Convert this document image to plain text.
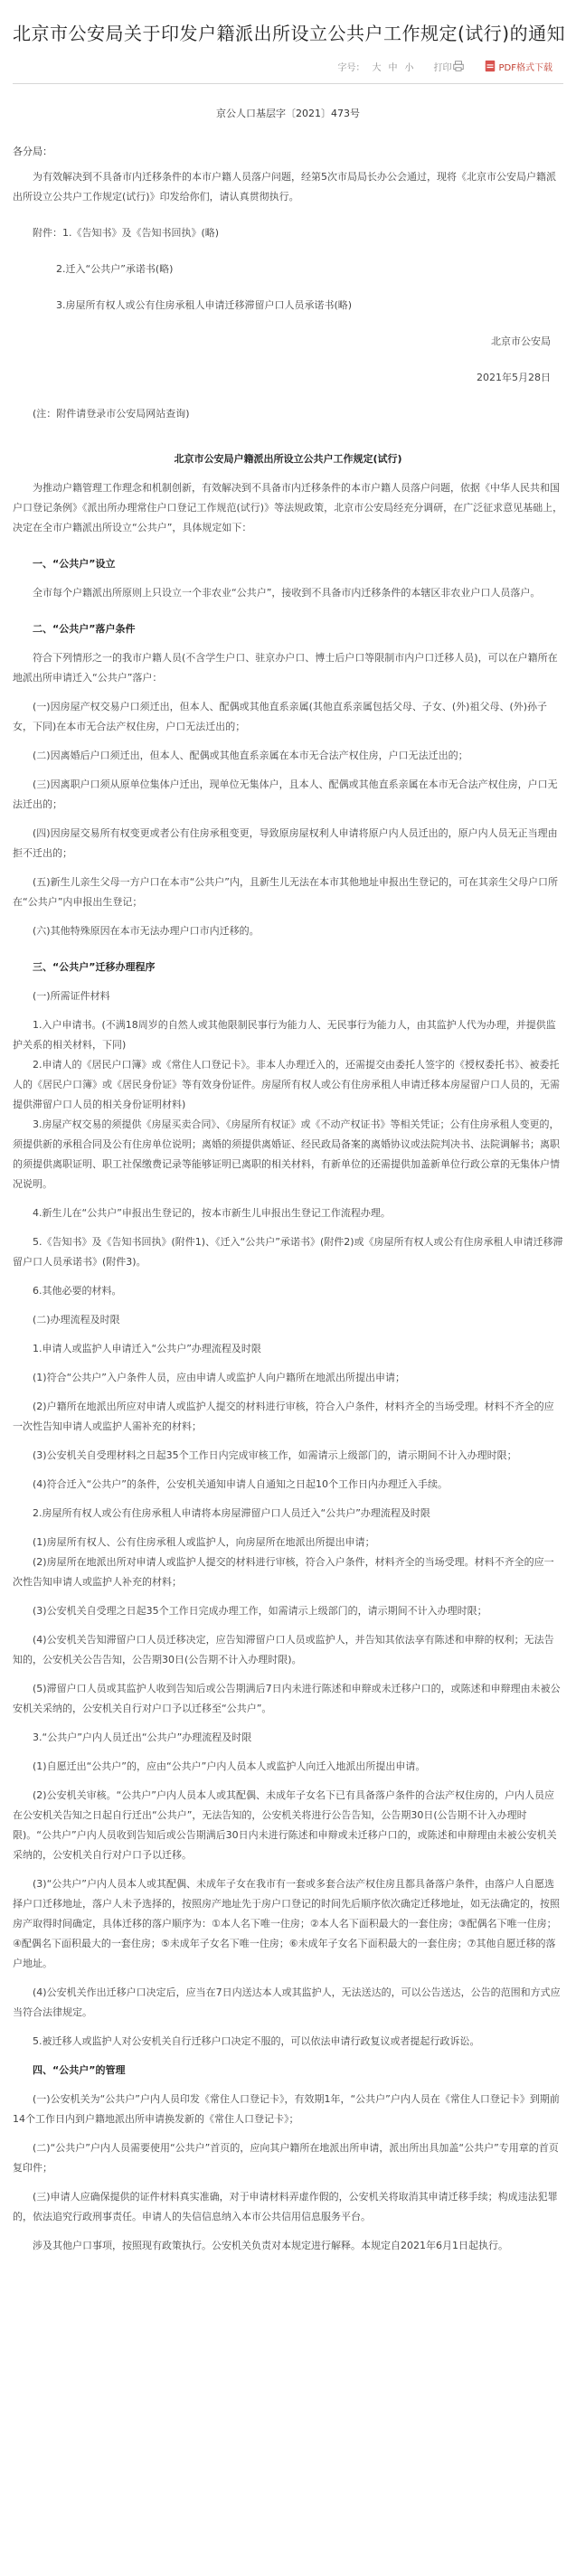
北京市公安局关于印发户籍派出所设立公共户工作规定(试行)的通知
字号： 大 中 小 打印	PDF格式下载
京公人口基层字〔2021〕473号
各分局：

为有效解决到不具备市内迁移条件的本市户籍人员落户问题，经第5次市局局长办公会通过，现将《北京市公安局户籍派出所设立公共户工作规定(试行)》印发给你们，请认真贯彻执行。

附件：1.《告知书》及《告知书回执》(略)

2.迁入“公共户”承诺书(略)

3.房屋所有权人或公有住房承租人申请迁移滞留户口人员承诺书(略)

北京市公安局

2021年5月28日

(注：附件请登录市公安局网站查询)

北京市公安局户籍派出所设立公共户工作规定(试行)

为推动户籍管理工作理念和机制创新，有效解决到不具备市内迁移条件的本市户籍人员落户问题，依据《中华人民共和国户口登记条例》《派出所办理常住户口登记工作规范(试行)》等法规政策，北京市公安局经充分调研，在广泛征求意见基础上，决定在全市户籍派出所设立“公共户”，具体规定如下：

一、“公共户”设立

全市每个户籍派出所原则上只设立一个非农业“公共户”，接收到不具备市内迁移条件的本辖区非农业户口人员落户。

二、“公共户”落户条件

符合下列情形之一的我市户籍人员(不含学生户口、驻京办户口、博士后户口等限制市内户口迁移人员)，可以在户籍所在地派出所申请迁入“公共户”落户：

(一)因房屋产权交易户口须迁出，但本人、配偶或其他直系亲属(其他直系亲属包括父母、子女、(外)祖父母、(外)孙子女，下同)在本市无合法产权住房，户口无法迁出的；

(二)因离婚后户口须迁出，但本人、配偶或其他直系亲属在本市无合法产权住房，户口无法迁出的；

(三)因离职户口须从原单位集体户迁出，现单位无集体户，且本人、配偶或其他直系亲属在本市无合法产权住房，户口无法迁出的；

(四)因房屋交易所有权变更或者公有住房承租变更，导致原房屋权利人申请将原户内人员迁出的，原户内人员无正当理由拒不迁出的；

(五)新生儿亲生父母一方户口在本市“公共户”内，且新生儿无法在本市其他地址申报出生登记的，可在其亲生父母户口所在“公共户”内申报出生登记；

(六)其他特殊原因在本市无法办理户口市内迁移的。

三、“公共户”迁移办理程序

(一)所需证件材料

1.入户申请书。(不满18周岁的自然人或其他限制民事行为能力人、无民事行为能力人，由其监护人代为办理，并提供监护关系的相关材料，下同)

2.申请人的《居民户口簿》或《常住人口登记卡》。非本人办理迁入的，还需提交由委托人签字的《授权委托书》、被委托人的《居民户口簿》或《居民身份证》等有效身份证件。房屋所有权人或公有住房承租人申请迁移本房屋留户口人员的，无需提供滞留户口人员的相关身份证明材料)

3.房屋产权交易的须提供《房屋买卖合同》、《房屋所有权证》或《不动产权证书》等相关凭证；公有住房承租人变更的，须提供新的承租合同及公有住房单位说明；离婚的须提供离婚证、经民政局备案的离婚协议或法院判决书、法院调解书；离职的须提供离职证明、职工社保缴费记录等能够证明已离职的相关材料，有新单位的还需提供加盖新单位行政公章的无集体户情况说明。

4.新生儿在“公共户”申报出生登记的，按本市新生儿申报出生登记工作流程办理。

5.《告知书》及《告知书回执》(附件1)、《迁入“公共户”承诺书》(附件2)或《房屋所有权人或公有住房承租人申请迁移滞留户口人员承诺书》(附件3)。

6.其他必要的材料。

(二)办理流程及时限

1.申请人或监护人申请迁入“公共户”办理流程及时限

(1)符合“公共户”入户条件人员，应由申请人或监护人向户籍所在地派出所提出申请；

(2)户籍所在地派出所应对申请人或监护人提交的材料进行审核，符合入户条件，材料齐全的当场受理。材料不齐全的应一次性告知申请人或监护人需补充的材料；

(3)公安机关自受理材料之日起35个工作日内完成审核工作，如需请示上级部门的，请示期间不计入办理时限；

(4)符合迁入“公共户”的条件，公安机关通知申请人自通知之日起10个工作日内办理迁入手续。

2.房屋所有权人或公有住房承租人申请将本房屋滞留户口人员迁入“公共户”办理流程及时限

(1)房屋所有权人、公有住房承租人或监护人，向房屋所在地派出所提出申请；

(2)房屋所在地派出所对申请人或监护人提交的材料进行审核，符合入户条件，材料齐全的当场受理。材料不齐全的应一次性告知申请人或监护人补充的材料；

(3)公安机关自受理之日起35个工作日完成办理工作，如需请示上级部门的，请示期间不计入办理时限；

(4)公安机关告知滞留户口人员迁移决定，应告知滞留户口人员或监护人，并告知其依法享有陈述和申辩的权利；无法告知的，公安机关公告告知，公告期30日(公告期不计入办理时限)。

(5)滞留户口人员或其监护人收到告知后或公告期满后7日内未进行陈述和申辩或未迁移户口的，或陈述和申辩理由未被公安机关采纳的，公安机关自行对户口予以迁移至“公共户”。

3.“公共户”户内人员迁出“公共户”办理流程及时限

(1)自愿迁出“公共户”的，应由“公共户”户内人员本人或监护人向迁入地派出所提出申请。

(2)公安机关审核。“公共户”户内人员本人或其配偶、未成年子女名下已有具备落户条件的合法产权住房的，户内人员应在公安机关告知之日起自行迁出“公共户”，无法告知的，公安机关将进行公告告知，公告期30日(公告期不计入办理时限)。“公共户”户内人员收到告知后或公告期满后30日内未进行陈述和申辩或未迁移户口的，或陈述和申辩理由未被公安机关采纳的，公安机关自行对户口予以迁移。

(3)“公共户”户内人员本人或其配偶、未成年子女在我市有一套或多套合法产权住房且都具备落户条件，由落户人自愿选择户口迁移地址，落户人未予选择的，按照房产地址先于房户口登记的时间先后顺序依次确定迁移地址，如无法确定的，按照房产取得时间确定，具体迁移的落户顺序为：①本人名下唯一住房；②本人名下面积最大的一套住房；③配偶名下唯一住房；④配偶名下面积最大的一套住房；⑤未成年子女名下唯一住房；⑥未成年子女名下面积最大的一套住房；⑦其他自愿迁移的落户地址。

(4)公安机关作出迁移户口决定后，应当在7日内送达本人或其监护人，无法送达的，可以公告送达，公告的范围和方式应当符合法律规定。

5.被迁移人或监护人对公安机关自行迁移户口决定不服的，可以依法申请行政复议或者提起行政诉讼。

四、“公共户”的管理

(一)公安机关为“公共户”户内人员印发《常住人口登记卡》，有效期1年，“公共户”户内人员在《常住人口登记卡》到期前14个工作日内到户籍地派出所申请换发新的《常住人口登记卡》；

(二)“公共户”户内人员需要使用“公共户”首页的，应向其户籍所在地派出所申请，派出所出具加盖“公共户”专用章的首页复印件；

(三)申请人应确保提供的证件材料真实准确，对于申请材料弄虚作假的，公安机关将取消其申请迁移手续；构成违法犯罪的，依法追究行政刑事责任。申请人的失信信息纳入本市公共信用信息服务平台。

涉及其他户口事项，按照现有政策执行。公安机关负责对本规定进行解释。本规定自2021年6月1日起执行。
